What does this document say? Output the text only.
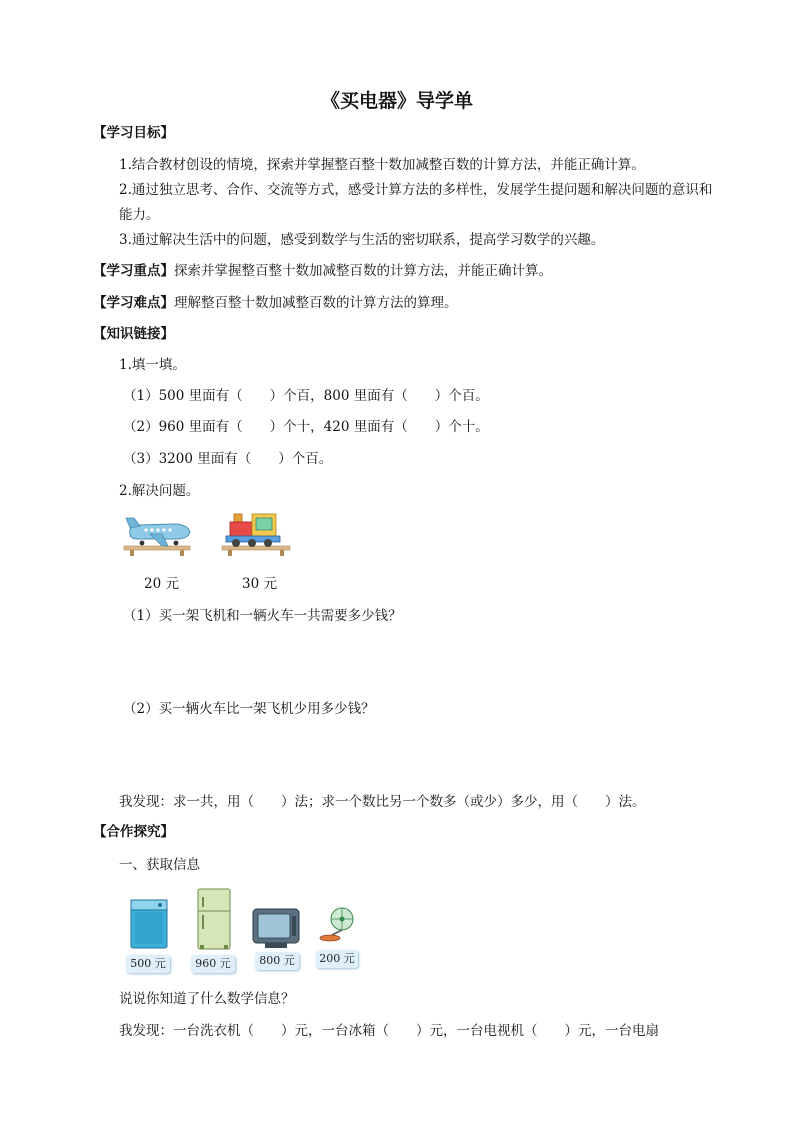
《买电器》导学单
【学习目标】
1.结合教材创设的情境，探索并掌握整百整十数加减整百数的计算方法，并能正确计算。
2.通过独立思考、合作、交流等方式，感受计算方法的多样性，发展学生提问题和解决问题的意识和
能力。
3.通过解决生活中的问题，感受到数学与生活的密切联系，提高学习数学的兴趣。
【学习重点】探索并掌握整百整十数加减整百数的计算方法，并能正确计算。
【学习难点】理解整百整十数加减整百数的计算方法的算理。
【知识链接】
1.填一填。
（1）500 里面有（　　）个百，800 里面有（　　）个百。
（2）960 里面有（　　）个十，420 里面有（　　）个十。
（3）3200 里面有（　　）个百。
2.解决问题。
20 元	30 元
（1）买一架飞机和一辆火车一共需要多少钱？
（2）买一辆火车比一架飞机少用多少钱？
我发现：求一共，用（　　）法；求一个数比另一个数多（或少）多少，用（　　）法。
【合作探究】
一、获取信息
500 元	960 元	800 元	200 元
说说你知道了什么数学信息？
我发现：一台洗衣机（　　）元，一台冰箱（　　）元，一台电视机（　　）元，一台电扇
